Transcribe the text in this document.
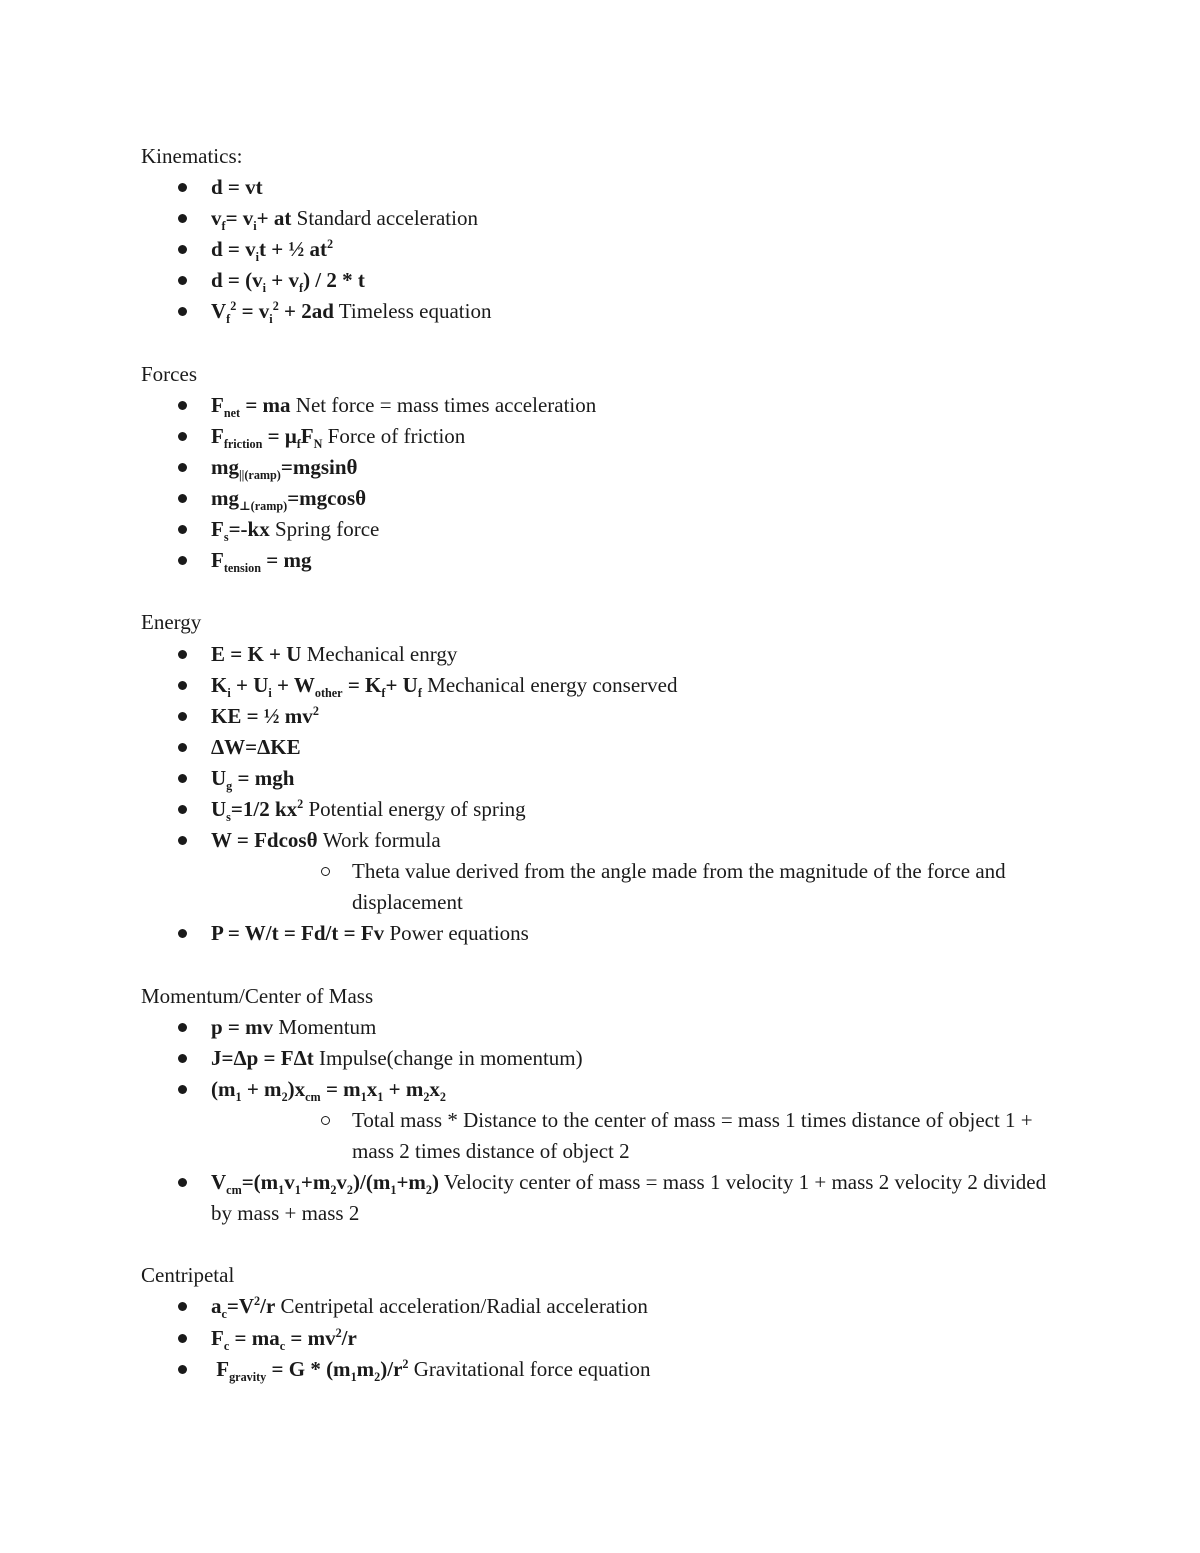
Kinematics:
d = vt
$v_f= v_i+$ at Standard acceleration
$d = v_it$ + ½ $at^2$
$d = (v_i + v_f) / 2 * t$
$V_f^2 = v_i^2 + 2ad$ Timeless equation
Forces
$F_{net}$ = ma Net force = mass times acceleration
$F_{friction} = \mu_fF_N$ Force of friction
$mg_{||(ramp)}=mgsin\theta$
$mg_{\perp(ramp)}=mgcos\theta$
$F_s=-kx$ Spring force
$F_{tension}$ = mg
Energy
E = K + U Mechanical enrgy
$K_i + U_i + W_{other} = K_f+ U_f$ Mechanical energy conserved
KE = ½ $mv^2$
ΔW=ΔKE
$U_g$ = mgh
$U_s=1/2$ $kx^2$ Potential energy of spring
W = Fdcosθ Work formula
Theta value derived from the angle made from the magnitude of the force and displacement
P = W/t = Fd/t = Fv Power equations
Momentum/Center of Mass
p = mv Momentum
J=Δp = FΔt Impulse(change in momentum)
$(m_1 + m_2)x_{cm} = m_1x_1 + m_2x_2$
Total mass * Distance to the center of mass = mass 1 times distance of object 1 + mass 2 times distance of object 2
$V_{cm}=(m_1v_1+m_2v_2)/(m_1+m_2)$ Velocity center of mass = mass 1 velocity 1 + mass 2 velocity 2 divided by mass + mass 2
Centripetal
$a_c=V^2/r$ Centripetal acceleration/Radial acceleration
$F_c = ma_c = mv^2/r$
$F_{gravity} = G * (m_1m_2)/r^2$ Gravitational force equation
